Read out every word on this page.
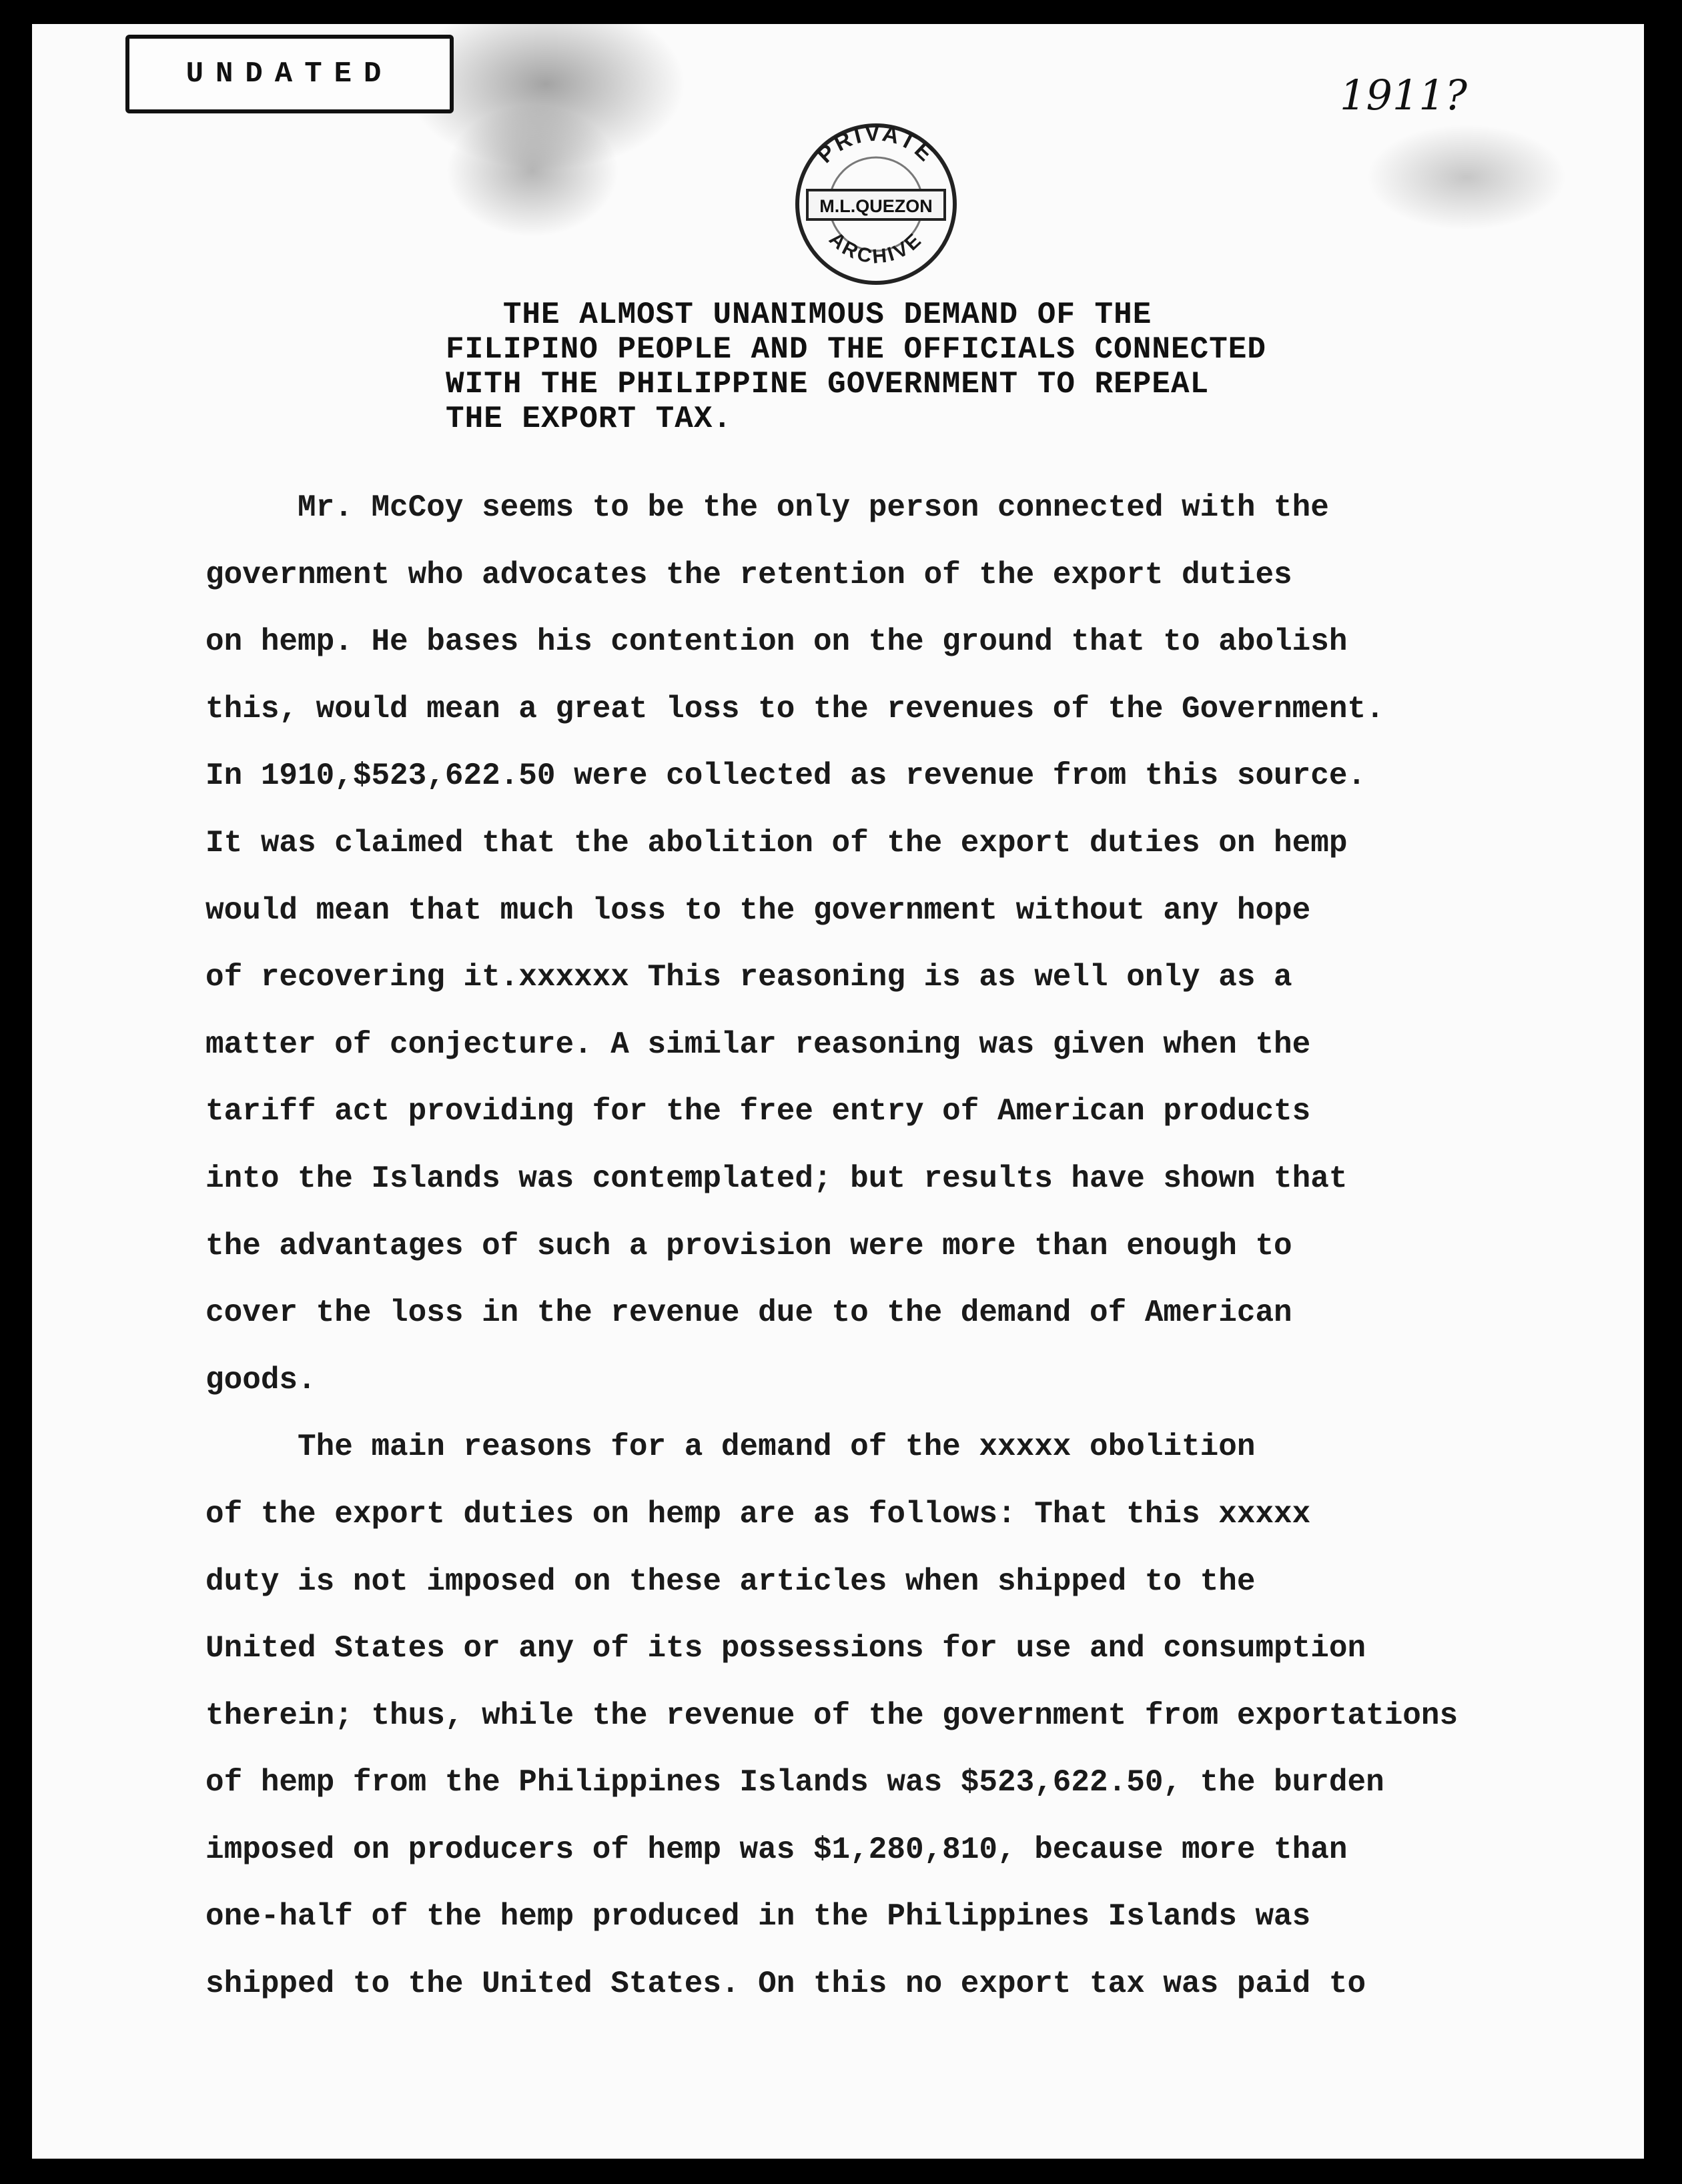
UNDATED	1911?
PRIVATE
M.L.QUEZON
ARCHIVE
THE ALMOST UNANIMOUS DEMAND OF THE
FILIPINO PEOPLE AND THE OFFICIALS CONNECTED
WITH THE PHILIPPINE GOVERNMENT TO REPEAL
THE EXPORT TAX.
Mr. McCoy seems to be the only person connected with the
government who advocates the retention of the export duties
on hemp. He bases his contention on the ground that to abolish
this, would mean a great loss to the revenues of the Government.
In 1910,$523,622.50 were collected as revenue from this source.
It was claimed that the abolition of the export duties on hemp
would mean that much loss to the government without any hope
of recovering it.xxxxxx This reasoning is as well only as a
matter of conjecture. A similar reasoning was given when the
tariff act providing for the free entry of American products
into the Islands was contemplated; but results have shown that
the advantages of such a provision were more than enough to
cover the loss in the revenue due to the demand of American
goods.
The main reasons for a demand of the xxxxx obolition
of the export duties on hemp are as follows: That this xxxxx
duty is not imposed on these articles when shipped to the
United States or any of its possessions for use and consumption
therein; thus, while the revenue of the government from exportations
of hemp from the Philippines Islands was $523,622.50, the burden
imposed on producers of hemp was $1,280,810, because more than
one-half of the hemp produced in the Philippines Islands was
shipped to the United States. On this no export tax was paid to
